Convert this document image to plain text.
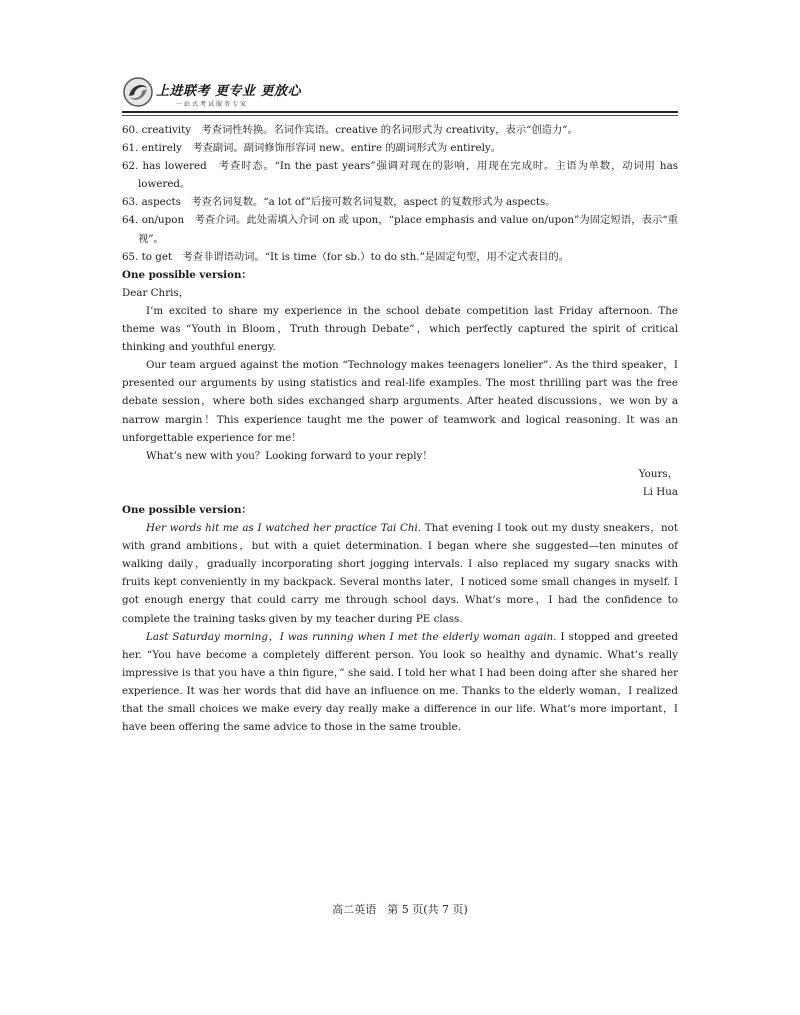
上进联考 更专业 更放心
一站式考试服务专家

60. creativity　考查词性转换。名词作宾语。creative 的名词形式为 creativity，表示“创造力”。

61. entirely　考查副词。副词修饰形容词 new。entire 的副词形式为 entirely。

62. has lowered　考查时态。“In the past years”强调对现在的影响，用现在完成时。主语为单数，动词用 has lowered。

63. aspects　考查名词复数。“a lot of”后接可数名词复数，aspect 的复数形式为 aspects。

64. on/upon　考查介词。此处需填入介词 on 或 upon，“place emphasis and value on/upon”为固定短语，表示“重视”。

65. to get　考查非谓语动词。“It is time（for sb.）to do sth.”是固定句型，用不定式表目的。

One possible version：

Dear Chris，

I’m excited to share my experience in the school debate competition last Friday afternoon. The theme was “Youth in Bloom，Truth through Debate”，which perfectly captured the spirit of critical thinking and youthful energy.

Our team argued against the motion “Technology makes teenagers lonelier”. As the third speaker，I presented our arguments by using statistics and real-life examples. The most thrilling part was the free debate session，where both sides exchanged sharp arguments. After heated discussions，we won by a narrow margin！This experience taught me the power of teamwork and logical reasoning. It was an unforgettable experience for me！

What’s new with you？Looking forward to your reply！

Yours，

Li Hua

One possible version：

Her words hit me as I watched her practice Tai Chi. That evening I took out my dusty sneakers，not with grand ambitions，but with a quiet determination. I began where she suggested—ten minutes of walking daily，gradually incorporating short jogging intervals. I also replaced my sugary snacks with fruits kept conveniently in my backpack. Several months later，I noticed some small changes in myself. I got enough energy that could carry me through school days. What’s more，I had the confidence to complete the training tasks given by my teacher during PE class.

Last Saturday morning，I was running when I met the elderly woman again. I stopped and greeted her. “You have become a completely different person. You look so healthy and dynamic. What’s really impressive is that you have a thin figure，” she said. I told her what I had been doing after she shared her experience. It was her words that did have an influence on me. Thanks to the elderly woman，I realized that the small choices we make every day really make a difference in our life. What’s more important，I have been offering the same advice to those in the same trouble.

高二英语　第 5 页(共 7 页)
